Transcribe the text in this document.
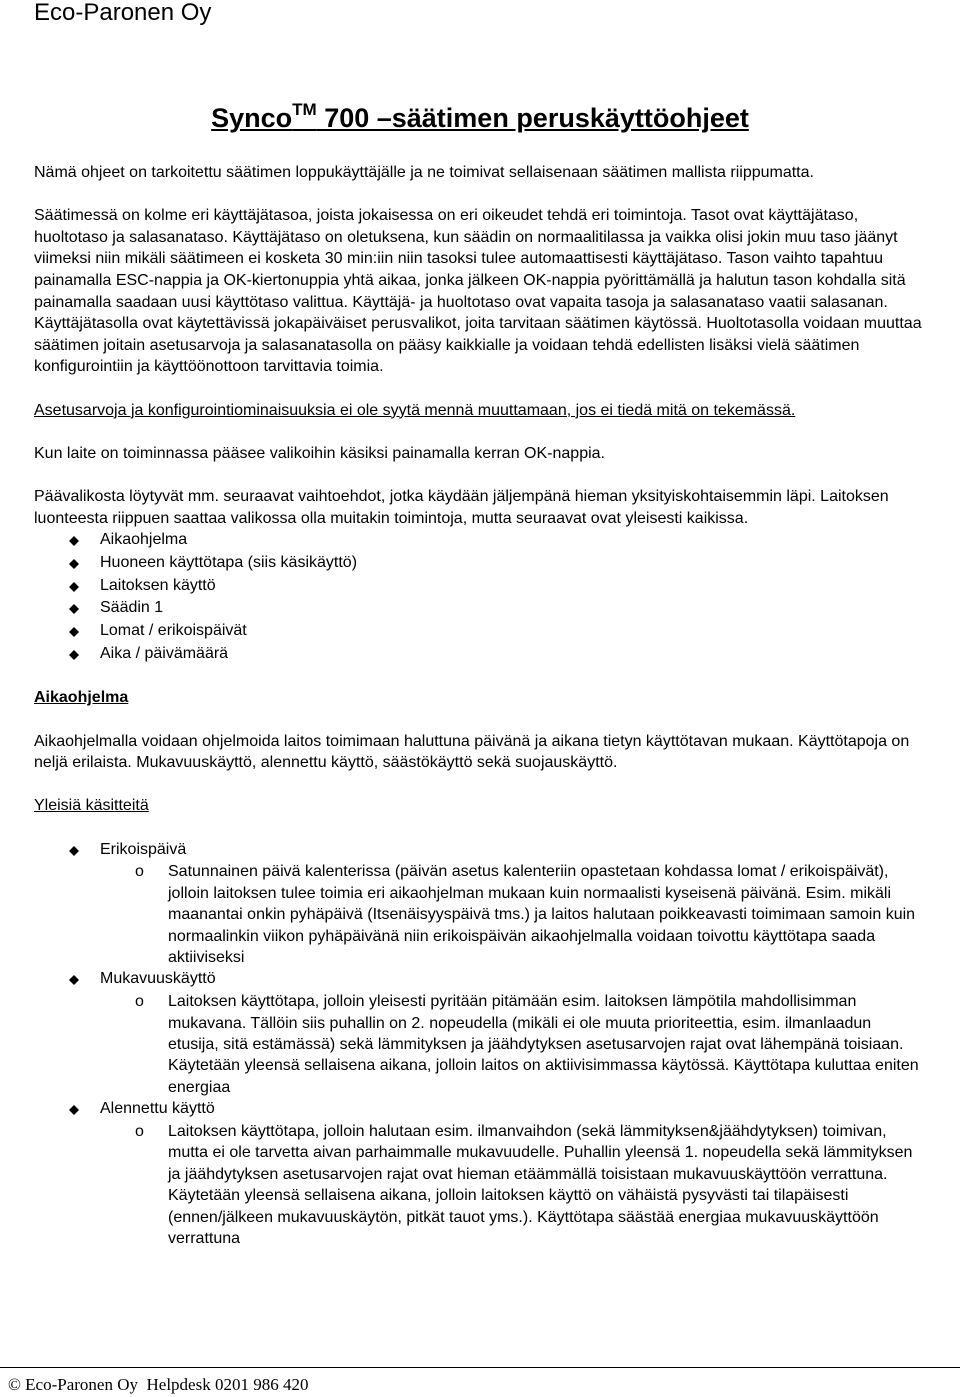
Eco-Paronen Oy
Synco™ 700 –säätimen peruskäyttöohjeet

Nämä ohjeet on tarkoitettu säätimen loppukäyttäjälle ja ne toimivat sellaisenaan säätimen mallista riippumatta.

Säätimessä on kolme eri käyttäjätasoa, joista jokaisessa on eri oikeudet tehdä eri toimintoja. Tasot ovat käyttäjätaso, huoltotaso ja salasanataso. Käyttäjätaso on oletuksena, kun säädin on normaalitilassa ja vaikka olisi jokin muu taso jäänyt viimeksi niin mikäli säätimeen ei kosketa 30 min:iin niin tasoksi tulee automaattisesti käyttäjätaso. Tason vaihto tapahtuu painamalla ESC-nappia ja OK-kiertonuppia yhtä aikaa, jonka jälkeen OK-nappia pyörittämällä ja halutun tason kohdalla sitä painamalla saadaan uusi käyttötaso valittua. Käyttäjä- ja huoltotaso ovat vapaita tasoja ja salasanataso vaatii salasanan.

Käyttäjätasolla ovat käytettävissä jokapäiväiset perusvalikot, joita tarvitaan säätimen käytössä. Huoltotasolla voidaan muuttaa säätimen joitain asetusarvoja ja salasanatasolla on pääsy kaikkialle ja voidaan tehdä edellisten lisäksi vielä säätimen konfigurointiin ja käyttöönottoon tarvittavia toimia.

Asetusarvoja ja konfigurointiominaisuuksia ei ole syytä mennä muuttamaan, jos ei tiedä mitä on tekemässä.

Kun laite on toiminnassa pääsee valikoihin käsiksi painamalla kerran OK-nappia.

Päävalikosta löytyvät mm. seuraavat vaihtoehdot, jotka käydään jäljempänä hieman yksityiskohtaisemmin läpi. Laitoksen luonteesta riippuen saattaa valikossa olla muitakin toimintoja, mutta seuraavat ovat yleisesti kaikissa.

Aikaohjelma
Huoneen käyttötapa (siis käsikäyttö)
Laitoksen käyttö
Säädin 1
Lomat / erikoispäivät
Aika / päivämäärä

Aikaohjelma

Aikaohjelmalla voidaan ohjelmoida laitos toimimaan haluttuna päivänä ja aikana tietyn käyttötavan mukaan. Käyttötapoja on neljä erilaista. Mukavuuskäyttö, alennettu käyttö, säästökäyttö sekä suojauskäyttö.

Yleisiä käsitteitä

Erikoispäivä
o Satunnainen päivä kalenterissa (päivän asetus kalenteriin opastetaan kohdassa lomat / erikoispäivät), jolloin laitoksen tulee toimia eri aikaohjelman mukaan kuin normaalisti kyseisenä päivänä. Esim. mikäli maanantai onkin pyhäpäivä (Itsenäisyyspäivä tms.) ja laitos halutaan poikkeavasti toimimaan samoin kuin normaalinkin viikon pyhäpäivänä niin erikoispäivän aikaohjelmalla voidaan toivottu käyttötapa saada aktiiviseksi
Mukavuuskäyttö
o Laitoksen käyttötapa, jolloin yleisesti pyritään pitämään esim. laitoksen lämpötila mahdollisimman mukavana. Tällöin siis puhallin on 2. nopeudella (mikäli ei ole muuta prioriteettia, esim. ilmanlaadun etusija, sitä estämässä) sekä lämmityksen ja jäähdytyksen asetusarvojen rajat ovat lähempänä toisiaan. Käytetään yleensä sellaisena aikana, jolloin laitos on aktiivisimmassa käytössä. Käyttötapa kuluttaa eniten energiaa
Alennettu käyttö
o Laitoksen käyttötapa, jolloin halutaan esim. ilmanvaihdon (sekä lämmityksen&jäähdytyksen) toimivan, mutta ei ole tarvetta aivan parhaimmalle mukavuudelle. Puhallin yleensä 1. nopeudella sekä lämmityksen ja jäähdytyksen asetusarvojen rajat ovat hieman etäämmällä toisistaan mukavuuskäyttöön verrattuna. Käytetään yleensä sellaisena aikana, jolloin laitoksen käyttö on vähäistä pysyvästi tai tilapäisesti (ennen/jälkeen mukavuuskäytön, pitkät tauot yms.). Käyttötapa säästää energiaa mukavuuskäyttöön verrattuna
© Eco-Paronen Oy  Helpdesk 0201 986 420
